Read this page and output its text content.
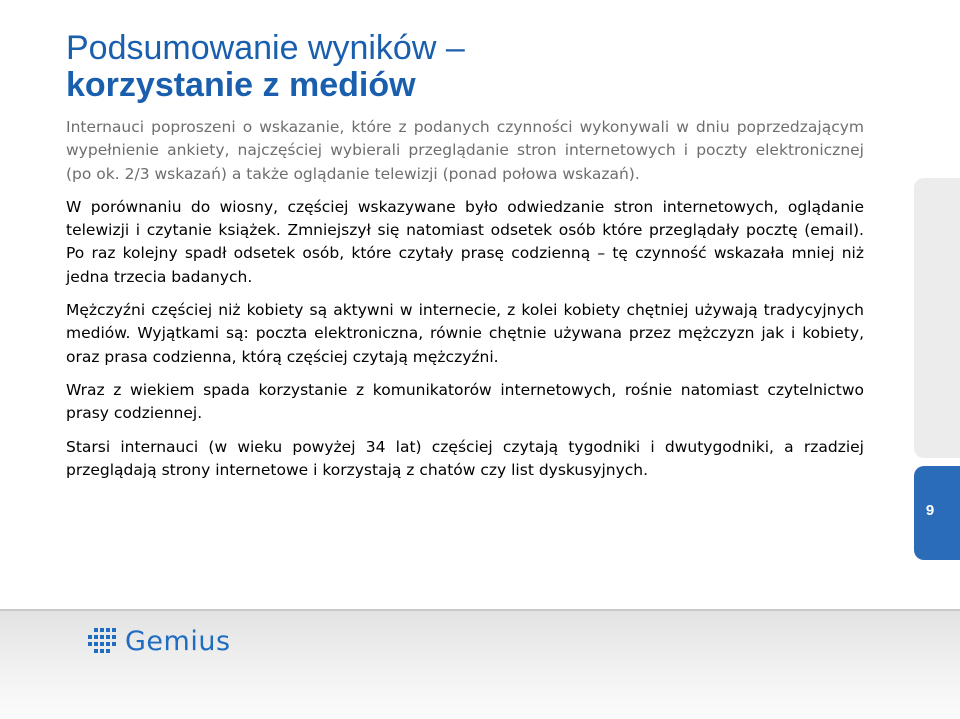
Podsumowanie wyników –
korzystanie z mediów

Internauci poproszeni o wskazanie, które z podanych czynności wykonywali w dniu poprzedzającym wypełnienie ankiety, najczęściej wybierali przeglądanie stron internetowych i poczty elektronicznej (po ok. 2/3 wskazań) a także oglądanie telewizji (ponad połowa wskazań).

W porównaniu do wiosny, częściej wskazywane było odwiedzanie stron internetowych, oglądanie telewizji i czytanie książek. Zmniejszył się natomiast odsetek osób które przeglądały pocztę (email). Po raz kolejny spadł odsetek osób, które czytały prasę codzienną – tę czynność wskazała mniej niż jedna trzecia badanych.

Mężczyźni częściej niż kobiety są aktywni w internecie, z kolei kobiety chętniej używają tradycyjnych mediów. Wyjątkami są: poczta elektroniczna, równie chętnie używana przez mężczyzn jak i kobiety, oraz prasa codzienna, którą częściej czytają mężczyźni.

Wraz z wiekiem spada korzystanie z komunikatorów internetowych, rośnie natomiast czytelnictwo prasy codziennej.

Starsi internauci (w wieku powyżej 34 lat) częściej czytają tygodniki i dwutygodniki, a rzadziej przeglądają strony internetowe i korzystają z chatów czy list dyskusyjnych.

9
Gemius
